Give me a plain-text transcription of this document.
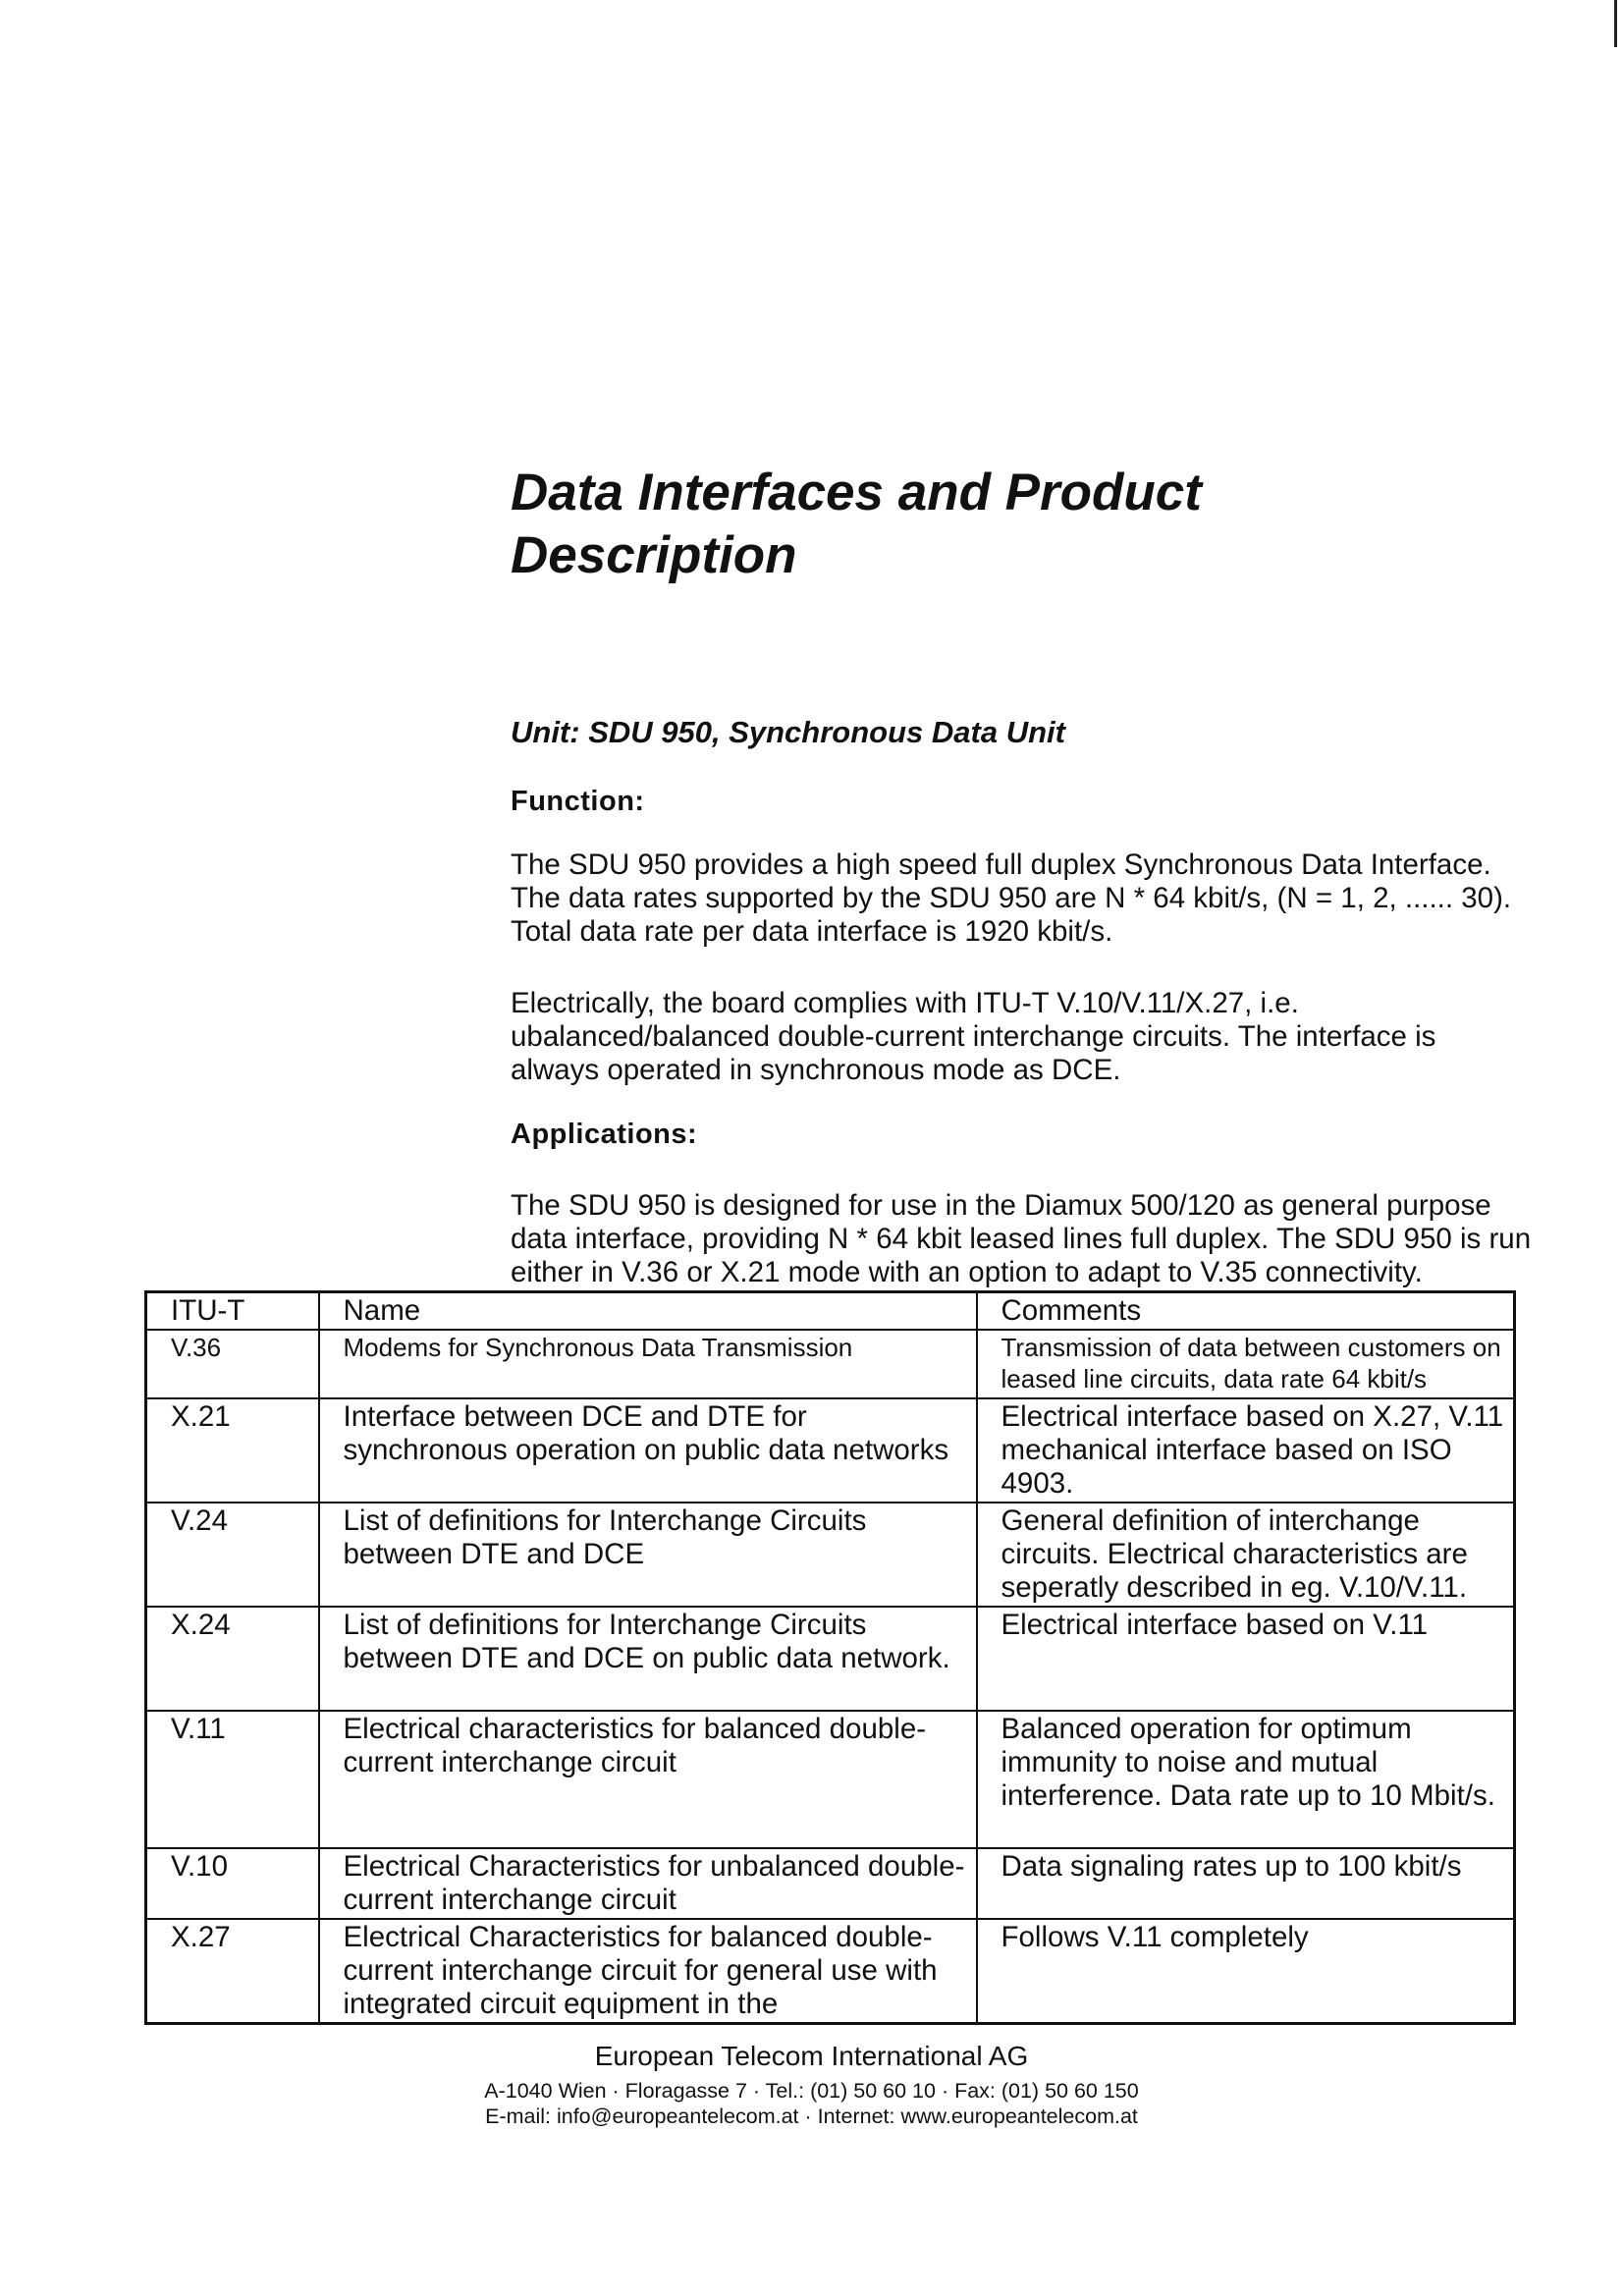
Data Interfaces and Product Description

Unit: SDU 950, Synchronous Data Unit

Function:

The SDU 950 provides a high speed full duplex Synchronous Data Interface. The data rates supported by the SDU 950 are N * 64 kbit/s, (N = 1, 2, ...... 30). Total data rate per data interface is 1920 kbit/s.

Electrically, the board complies with ITU-T V.10/V.11/X.27, i.e. ubalanced/balanced double-current interchange circuits. The interface is always operated in synchronous mode as DCE.

Applications:

The SDU 950 is designed for use in the Diamux 500/120 as general purpose data interface, providing N * 64 kbit leased lines full duplex. The SDU 950 is run either in V.36 or X.21 mode with an option to adapt to V.35 connectivity.

ITU-T	Name	Comments
V.36	Modems for Synchronous Data Transmission	Transmission of data between customers on leased line circuits, data rate 64 kbit/s
X.21	Interface between DCE and DTE for synchronous operation on public data networks	Electrical interface based on X.27, V.11 mechanical interface based on ISO 4903.
V.24	List of definitions for Interchange Circuits between DTE and DCE	General definition of interchange circuits. Electrical characteristics are seperatly described in eg. V.10/V.11.
X.24	List of definitions for Interchange Circuits between DTE and DCE on public data network.	Electrical interface based on V.11
V.11	Electrical characteristics for balanced double-current interchange circuit	Balanced operation for optimum immunity to noise and mutual interference. Data rate up to 10 Mbit/s.
V.10	Electrical Characteristics for unbalanced double-current interchange circuit	Data signaling rates up to 100 kbit/s
X.27	Electrical Characteristics for balanced double-current interchange circuit for general use with integrated circuit equipment in the	Follows V.11 completely

European Telecom International AG

A-1040 Wien · Floragasse 7 · Tel.: (01) 50 60 10 · Fax: (01) 50 60 150

E-mail: info@europeantelecom.at · Internet: www.europeantelecom.at
